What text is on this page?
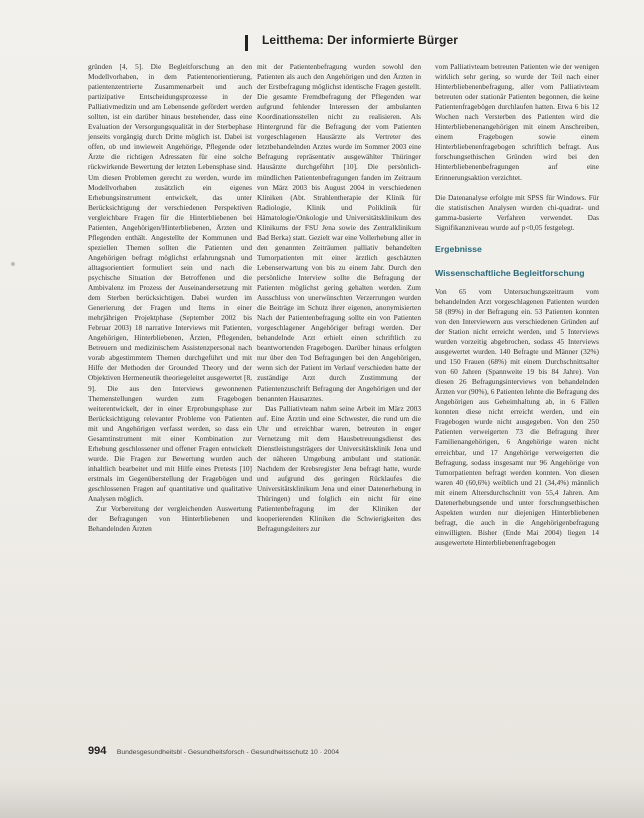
Leitthema: Der informierte Bürger

gründen [4, 5]. Die Begleitforschung an den Modellvorhaben, in dem Patientenorientierung, patientenzentrierte Zusammenarbeit und auch partizipative Entscheidungsprozesse in der Palliativmedizin und am Lebensende gefördert werden sollten, ist ein darüber hinaus bestehender, dass eine Evaluation der Versorgungsqualität in der Sterbephase jenseits vorgängig durch Dritte möglich ist. Dabei ist offen, ob und inwieweit Angehörige, Pflegende oder Ärzte die richtigen Adressaten für eine solche rückwirkende Bewertung der letzten Lebensphase sind. Um diesen Problemen gerecht zu werden, wurde im Modellvorhaben zusätzlich ein eigenes Erhebungsinstrument entwickelt, das unter Berücksichtigung der verschiedenen Perspektiven vergleichbare Fragen für die Hinterbliebenen bei Patienten, Angehörigen/Hinterbliebenen, Ärzten und Pflegenden enthält. Angestellte der Kommunen und speziellen Themen sollten die Patienten und Angehörigen befragt möglichst erfahrungsnah und alltagsorientiert formuliert sein und nach die psychische Situation der Betroffenen und die Ambivalenz im Prozess der Auseinandersetzung mit dem Sterben berücksichtigen. Dabei wurden im Generierung der Fragen und Items in einer mehrjährigen Projektphase (September 2002 bis Februar 2003) 18 narrative Interviews mit Patienten, Angehörigen, Hinterbliebenen, Ärzten, Pflegenden, Betreuern und medizinischem Assistenzpersonal nach vorab abgestimmtem Themen durchgeführt und mit Hilfe der Methoden der Grounded Theory und der Objektiven Hermeneutik theoriegeleitet ausgewertet [8, 9]. Die aus den Interviews gewonnenen Themenstellungen wurden zum Fragebogen weiterentwickelt, der in einer Erprobungsphase zur Berücksichtigung relevanter Probleme von Patienten mit und Angehörigen verfasst werden, so dass ein Gesamtinstrument mit einer Kombination zur Erhebung geschlossener und offener Fragen entwickelt wurde. Die Fragen zur Bewertung wurden auch inhaltlich bearbeitet und mit Hilfe eines Pretests [10] erstmals im Gegenüberstellung der Fragebögen und geschlossenen Fragen auf quantitative und qualitative Analysen möglich.

Zur Vorbereitung der vergleichenden Auswertung der Befragungen von Hinterbliebenen und Behandelnden Ärzten

mit der Patientenbefragung wurden sowohl den Patienten als auch den Angehörigen und den Ärzten in der Erstbefragung möglichst identische Fragen gestellt. Die gesamte Fremdbefragung der Pflegenden war aufgrund fehlender Interessen der ambulanten Koordinationsstellen nicht zu realisieren. Als Hintergrund für die Befragung der vom Patienten vorgeschlagenen Hausärzte als Vertreter des letztbehandelnden Arztes wurde im Sommer 2003 eine Befragung repräsentativ ausgewählter Thüringer Hausärzte durchgeführt [10]. Die persönlich-mündlichen Patientenbefragungen fanden im Zeitraum von März 2003 bis August 2004 in verschiedenen Kliniken (Abt. Strahlentherapie der Klinik für Radiologie, Klinik und Poliklinik für Hämatologie/Onkologie und Universitätsklinikum des Klinikums der FSU Jena sowie des Zentralklinikum Bad Berka) statt. Gezielt war eine Vollerhebung aller in den genannten Zeiträumen palliativ behandelten Tumorpatienten mit einer ärztlich geschätzten Lebenserwartung von bis zu einem Jahr. Durch den persönliche Interview sollte die Befragung der Patienten möglichst gering gehalten werden. Zum Ausschluss von unerwünschten Verzerrungen wurden die Beiträge im Schutz ihrer eigenen, anonymisierten Nach der Patientenbefragung sollte ein von Patienten vorgeschlagener Angehöriger befragt werden. Der behandelnde Arzt erhielt einen schriftlich zu beantwortenden Fragebogen. Darüber hinaus erfolgten nur über den Tod Befragungen bei den Angehörigen, wenn sich der Patient im Verlauf verschieden hatte der zuständige Arzt durch Zustimmung der Patientenzuschrift Befragung der Angehörigen und der benannten Hausarztes.

Das Palliativteam nahm seine Arbeit im März 2003 auf. Eine Ärztin und eine Schwester, die rund um die Uhr und erreichbar waren, betreuten in enger Vernetzung mit dem Hausbetreuungsdienst des Dienstleistungsträgers der Universitätsklinik Jena und der näheren Umgebung ambulant und stationär. Nachdem der Krebsregister Jena befragt hatte, wurde und aufgrund des geringen Rücklaufes die Universitätsklinikum Jena und einer Datenerhebung in Thüringen) und folglich ein nicht für eine Patientenbefragung im der Kliniken der kooperierenden Kliniken die Schwierigkeiten des Befragungsleiters zur

vom Palliativteam betreuten Patienten wie der wenigen wirklich sehr gering, so wurde der Teil nach einer Hinterbliebenenbefragung, aller vom Palliativteam betreuten oder stationär Patienten begonnen, die keine Patientenfragebögen durchlaufen hatten. Etwa 6 bis 12 Wochen nach Versterben des Patienten wird die Hinterbliebenenangehörigen mit einem Anschreiben, einem Fragebogen sowie einem Hinterbliebenenfragebogen schriftlich befragt. Aus forschungsethischen Gründen wird bei den Hinterbliebenenbefragungen auf eine Erinnerungsaktion verzichtet.

Die Datenanalyse erfolgte mit SPSS für Windows. Für die statistischen Analysen wurden chi-quadrat- und gamma-basierte Verfahren verwendet. Das Signifikanzniveau wurde auf p<0,05 festgelegt.

Ergebnisse
Wissenschaftliche Begleitforschung

Von 65 vom Untersuchungszeitraum vom behandelnden Arzt vorgeschlagenen Patienten wurden 58 (89%) in der Befragung ein. 53 Patienten konnten von den Interviewern aus verschiedenen Gründen auf der Station nicht erreicht werden, und 5 Interviews wurden vorzeitig abgebrochen, sodass 45 Interviews ausgewertet wurden. 140 Befragte und Männer (32%) und 150 Frauen (68%) mit einem Durchschnittsalter von 60 Jahren (Spannweite 19 bis 84 Jahre). Von diesen 26 Befragungsinterviews von behandelnden Ärzten vor (90%), 6 Patienten lehnte die Befragung des Angehörigen aus Geheimhaltung ab, in 6 Fällen konnten diese nicht erreicht werden, und ein Fragebogen wurde nicht ausgegeben. Von den 250 Patienten verweigerten 73 die Befragung ihrer Familienangehörigen, 6 Angehörige waren nicht erreichbar, und 17 Angehörige verweigerten die Befragung, sodass insgesamt nur 96 Angehörige von Tumorpatienten befragt werden konnten. Von diesen waren 40 (60,6%) weiblich und 21 (34,4%) männlich mit einem Altersdurchschnitt von 55,4 Jahren. Am Datenerhebungsende und unter forschungsethischen Aspekten wurden nur diejenigen Hinterbliebenen befragt, die auch in die Angehörigenbefragung einwilligten. Bisher (Ende Mai 2004) liegen 14 ausgewertete Hinterbliebenenfragebogen

994 Bundesgesundheitsbl - Gesundheitsforsch - Gesundheitsschutz 10 · 2004
